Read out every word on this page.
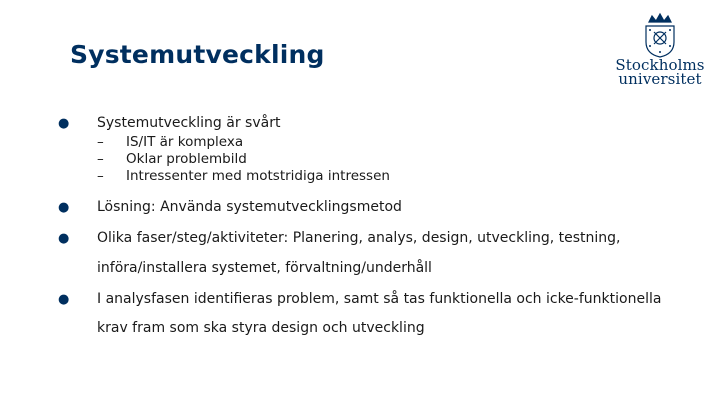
Systemutveckling	Stockholms
universitet
● Systemutveckling är svårt
– IS/IT är komplexa
– Oklar problembild
– Intressenter med motstridiga intressen
● Lösning: Använda systemutvecklingsmetod
● Olika faser/steg/aktiviteter: Planering, analys, design, utveckling, testning,
införa/installera systemet, förvaltning/underhåll
● I analysfasen identifieras problem, samt så tas funktionella och icke-funktionella
krav fram som ska styra design och utveckling
